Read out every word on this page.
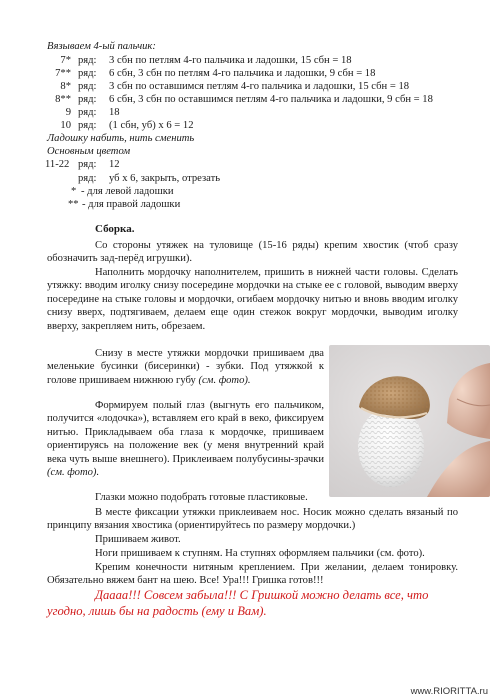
Вязываем 4-ый пальчик:
7* ряд: 3 сбн по петлям 4-го пальчика и ладошки, 15 сбн = 18
7** ряд: 6 сбн, 3 сбн по петлям 4-го пальчика и ладошки, 9 сбн = 18
8* ряд: 3 сбн по оставшимся петлям 4-го пальчика и ладошки, 15 сбн = 18
8** ряд: 6 сбн, 3 сбн по оставшимся петлям 4-го пальчика и ладошки, 9 сбн = 18
9 ряд: 18
10 ряд: (1 сбн, уб) х 6 = 12
Ладошку набить, нить сменить
Основным цветом
11-22 ряд: 12
ряд: уб х 6, закрыть, отрезать
* - для левой ладошки
** - для правой ладошки
Сборка.
Со стороны утяжек на туловище (15-16 ряды) крепим хвостик (чтоб сразу обозначить зад-перёд игрушки).
Наполнить мордочку наполнителем, пришить в нижней части головы. Сделать утяжку: вводим иголку снизу посередине мордочки на стыке ее с головой, выводим вверху посередине на стыке головы и мордочки, огибаем мордочку нитью и вновь вводим иголку снизу вверх, подтягиваем, делаем еще один стежок вокруг мордочки, выводим иголку вверху, закрепляем нить, обрезаем.
Снизу в месте утяжки мордочки пришиваем два меленькие бусинки (бисеринки) - зубки. Под утяжкой к голове пришиваем нижнюю губу (см. фото).
Формируем полый глаз (выгнуть его пальчиком, получится «лодочка»), вставляем его край в веко, фиксируем нитью. Прикладываем оба глаза к мордочке, пришиваем ориентируясь на положение век (у меня внутренний край века чуть выше внешнего). Приклеиваем полубусины-зрачки (см. фото).
Глазки можно подобрать готовые пластиковые.
В месте фиксации утяжки приклеиваем нос. Носик можно сделать вязаный по принципу вязания хвостика (ориентируйтесь по размеру мордочки.)
Пришиваем живот.
Ноги пришиваем к ступням. На ступнях оформляем пальчики (см. фото).
Крепим конечности нитяным креплением. При желании, делаем тонировку. Обязательно вяжем бант на шею. Все! Ура!!! Гришка готов!!!
Даааа!!! Совсем забыла!!! С Гришкой можно делать все, что
угодно, лишь бы на радость (ему и Вам).
www.RIORITTA.ru
